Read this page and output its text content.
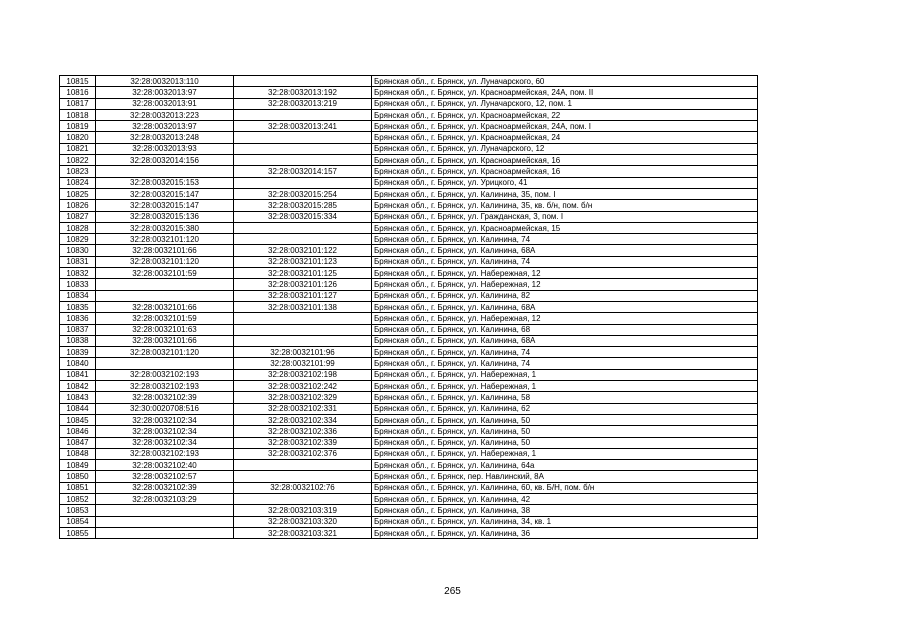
10815	32:28:0032013:110		Брянская обл., г. Брянск, ул. Луначарского, 60
10816	32:28:0032013:97	32:28:0032013:192	Брянская обл., г. Брянск, ул. Красноармейская, 24А, пом. II
10817	32:28:0032013:91	32:28:0032013:219	Брянская обл., г. Брянск, ул. Луначарского, 12, пом. 1
10818	32:28:0032013:223		Брянская обл., г. Брянск, ул. Красноармейская, 22
10819	32:28:0032013:97	32:28:0032013:241	Брянская обл., г. Брянск, ул. Красноармейская, 24А, пом. I
10820	32:28:0032013:248		Брянская обл., г. Брянск, ул. Красноармейская, 24
10821	32:28:0032013:93		Брянская обл., г. Брянск, ул. Луначарского, 12
10822	32:28:0032014:156		Брянская обл., г. Брянск, ул. Красноармейская, 16
10823		32:28:0032014:157	Брянская обл., г. Брянск, ул. Красноармейская, 16
10824	32:28:0032015:153		Брянская обл., г. Брянск, ул. Урицкого, 41
10825	32:28:0032015:147	32:28:0032015:254	Брянская обл., г. Брянск, ул. Калинина, 35, пом. I
10826	32:28:0032015:147	32:28:0032015:285	Брянская обл., г. Брянск, ул. Калинина, 35, кв. б/н, пом. б/н
10827	32:28:0032015:136	32:28:0032015:334	Брянская обл., г. Брянск, ул. Гражданская, 3, пом. I
10828	32:28:0032015:380		Брянская обл., г. Брянск, ул. Красноармейская, 15
10829	32:28:0032101:120		Брянская обл., г. Брянск, ул. Калинина, 74
10830	32:28:0032101:66	32:28:0032101:122	Брянская обл., г. Брянск, ул. Калинина, 68А
10831	32:28:0032101:120	32:28:0032101:123	Брянская обл., г. Брянск, ул. Калинина, 74
10832	32:28:0032101:59	32:28:0032101:125	Брянская обл., г. Брянск, ул. Набережная, 12
10833		32:28:0032101:126	Брянская обл., г. Брянск, ул. Набережная, 12
10834		32:28:0032101:127	Брянская обл., г. Брянск, ул. Калинина, 82
10835	32:28:0032101:66	32:28:0032101:138	Брянская обл., г. Брянск, ул. Калинина, 68А
10836	32:28:0032101:59		Брянская обл., г. Брянск, ул. Набережная, 12
10837	32:28:0032101:63		Брянская обл., г. Брянск, ул. Калинина, 68
10838	32:28:0032101:66		Брянская обл., г. Брянск, ул. Калинина, 68А
10839	32:28:0032101:120	32:28:0032101:96	Брянская обл., г. Брянск, ул. Калинина, 74
10840		32:28:0032101:99	Брянская обл., г. Брянск, ул. Калинина, 74
10841	32:28:0032102:193	32:28:0032102:198	Брянская обл., г. Брянск, ул. Набережная, 1
10842	32:28:0032102:193	32:28:0032102:242	Брянская обл., г. Брянск, ул. Набережная, 1
10843	32:28:0032102:39	32:28:0032102:329	Брянская обл., г. Брянск, ул. Калинина, 58
10844	32:30:0020708:516	32:28:0032102:331	Брянская обл., г. Брянск, ул. Калинина, 62
10845	32:28:0032102:34	32:28:0032102:334	Брянская обл., г. Брянск, ул. Калинина, 50
10846	32:28:0032102:34	32:28:0032102:336	Брянская обл., г. Брянск, ул. Калинина, 50
10847	32:28:0032102:34	32:28:0032102:339	Брянская обл., г. Брянск, ул. Калинина, 50
10848	32:28:0032102:193	32:28:0032102:376	Брянская обл., г. Брянск, ул. Набережная, 1
10849	32:28:0032102:40		Брянская обл., г. Брянск, ул. Калинина, 64а
10850	32:28:0032102:57		Брянская обл., г. Брянск, пер. Навлинский, 8А
10851	32:28:0032102:39	32:28:0032102:76	Брянская обл., г. Брянск, ул. Калинина, 60, кв. Б/Н, пом. б/н
10852	32:28:0032103:29		Брянская обл., г. Брянск, ул. Калинина, 42
10853		32:28:0032103:319	Брянская обл., г. Брянск, ул. Калинина, 38
10854		32:28:0032103:320	Брянская обл., г. Брянск, ул. Калинина, 34, кв. 1
10855		32:28:0032103:321	Брянская обл., г. Брянск, ул. Калинина, 36
265
